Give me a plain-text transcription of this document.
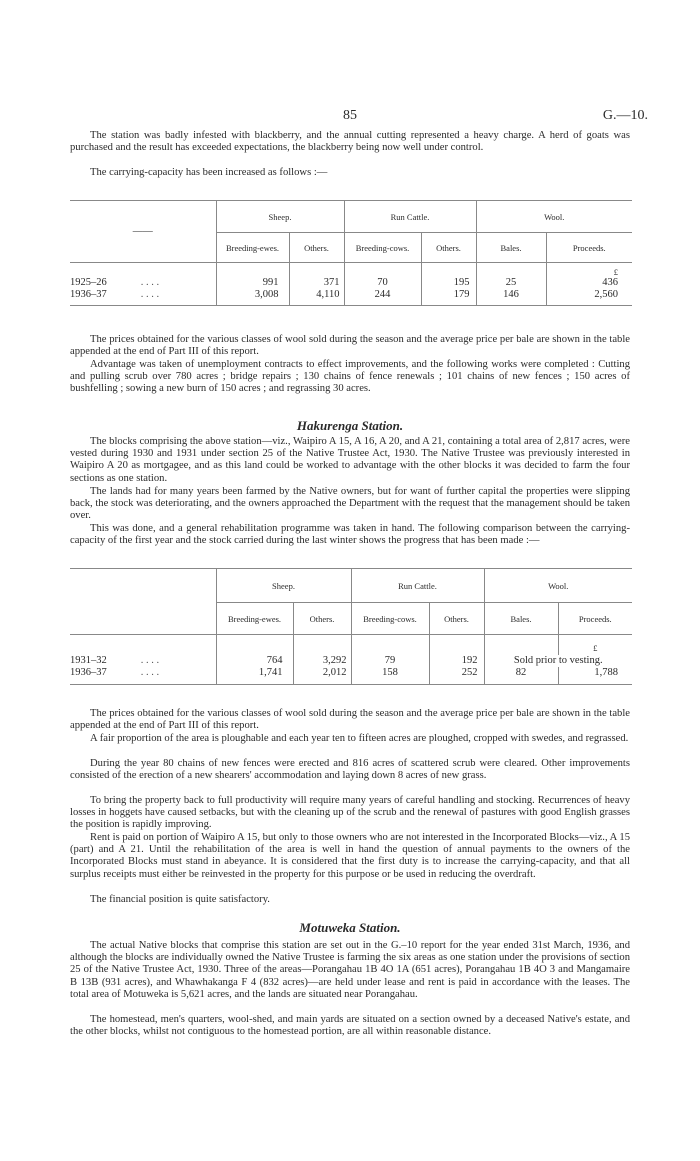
85	G.—10.
The station was badly infested with blackberry, and the annual cutting represented a heavy charge. A herd of goats was purchased and the result has exceeded expectations, the blackberry being now well under control.
The carrying-capacity has been increased as follows :—
——	Sheep.		Run Cattle.		Wool.	
	Breeding-ewes.	Others.	Breeding-cows.	Others.	Bales.	Proceeds.
						£
1925–26 . . . .	991	371	70	195	25	436
1936–37 . . . .	3,008	4,110	244	179	146	2,560
The prices obtained for the various classes of wool sold during the season and the average price per bale are shown in the table appended at the end of Part III of this report.
Advantage was taken of unemployment contracts to effect improvements, and the following works were completed : Cutting and pulling scrub over 780 acres ; bridge repairs ; 130 chains of fence renewals ; 101 chains of new fences ; 150 acres of bushfelling ; sowing a new burn of 150 acres ; and regrassing 30 acres.
Hakurenga Station.
The blocks comprising the above station—viz., Waipiro A 15, A 16, A 20, and A 21, containing a total area of 2,817 acres, were vested during 1930 and 1931 under section 25 of the Native Trustee Act, 1930. The Native Trustee was previously interested in Waipiro A 20 as mortgagee, and as this land could be worked to advantage with the other blocks it was decided to farm the four sections as one station.
The lands had for many years been farmed by the Native owners, but for want of further capital the properties were slipping back, the stock was deteriorating, and the owners approached the Department with the request that the management should be taken over.
This was done, and a general rehabilitation programme was taken in hand. The following comparison between the carrying-capacity of the first year and the stock carried during the last winter shows the progress that has been made :—
	Sheep.		Run Cattle.		Wool.	
	Breeding-ewes.	Others.	Breeding-cows.	Others.	Bales.	Proceeds.
						£
1931–32 . . . .	764	3,292	79	192	Sold prior to vesting.	
1936–37 . . . .	1,741	2,012	158	252	82	1,788
The prices obtained for the various classes of wool sold during the season and the average price per bale are shown in the table appended at the end of Part III of this report.
A fair proportion of the area is ploughable and each year ten to fifteen acres are ploughed, cropped with swedes, and regrassed.
During the year 80 chains of new fences were erected and 816 acres of scattered scrub were cleared. Other improvements consisted of the erection of a new shearers' accommodation and laying down 8 acres of new grass.
To bring the property back to full productivity will require many years of careful handling and stocking. Recurrences of heavy losses in hoggets have caused setbacks, but with the cleaning up of the scrub and the renewal of pastures with good English grasses the position is rapidly improving.
Rent is paid on portion of Waipiro A 15, but only to those owners who are not interested in the Incorporated Blocks—viz., A 15 (part) and A 21. Until the rehabilitation of the area is well in hand the question of annual payments to the owners of the Incorporated Blocks must stand in abeyance. It is considered that the first duty is to increase the carrying-capacity, and that all surplus receipts must either be reinvested in the property for this purpose or be used in reducing the overdraft.
The financial position is quite satisfactory.
Motuweka Station.
The actual Native blocks that comprise this station are set out in the G.–10 report for the year ended 31st March, 1936, and although the blocks are individually owned the Native Trustee is farming the six areas as one station under the provisions of section 25 of the Native Trustee Act, 1930. Three of the areas—Porangahau 1B 4O 1A (651 acres), Porangahau 1B 4O 3 and Mangamaire B 13B (931 acres), and Whawhakanga F 4 (832 acres)—are held under lease and rent is paid in accordance with the leases. The total area of Motuweka is 5,621 acres, and the lands are situated near Porangahau.
The homestead, men's quarters, wool-shed, and main yards are situated on a section owned by a deceased Native's estate, and the other blocks, whilst not contiguous to the homestead portion, are all within reasonable distance.
